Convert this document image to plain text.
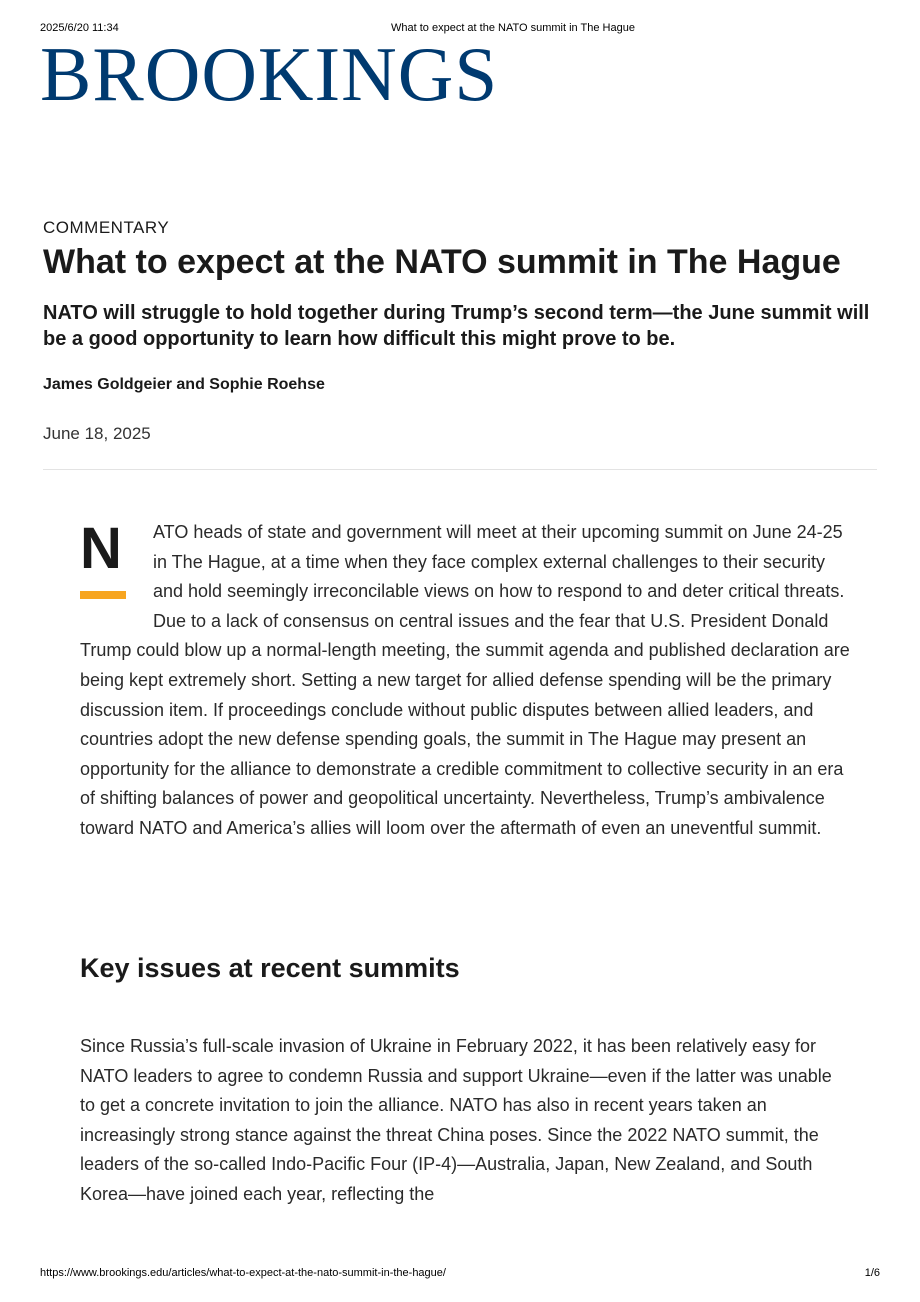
2025/6/20 11:34	What to expect at the NATO summit in The Hague
BROOKINGS
COMMENTARY
What to expect at the NATO summit in The Hague

NATO will struggle to hold together during Trump’s second term—the June summit will be a good opportunity to learn how difficult this might prove to be.

James Goldgeier and Sophie Roehse
June 18, 2025
N	ATO heads of state and government will meet at their upcoming summit on June 24-25 in The Hague, at a time when they face complex external challenges to their security and hold seemingly irreconcilable views on how to respond to and deter critical threats. Due to a lack of consensus on central issues and the fear that U.S. President Donald Trump could blow up a normal-length meeting, the summit agenda and published declaration are being kept extremely short. Setting a new target for allied defense spending will be the primary discussion item. If proceedings conclude without public disputes between allied leaders, and countries adopt the new defense spending goals, the summit in The Hague may present an opportunity for the alliance to demonstrate a credible commitment to collective security in an era of shifting balances of power and geopolitical uncertainty. Nevertheless, Trump’s ambivalence toward NATO and America’s allies will loom over the aftermath of even an uneventful summit.

Key issues at recent summits

Since Russia’s full-scale invasion of Ukraine in February 2022, it has been relatively easy for NATO leaders to agree to condemn Russia and support Ukraine—even if the latter was unable to get a concrete invitation to join the alliance. NATO has also in recent years taken an increasingly strong stance against the threat China poses. Since the 2022 NATO summit, the leaders of the so-called Indo-Pacific Four (IP-4)—Australia, Japan, New Zealand, and South Korea—have joined each year, reflecting the

https://www.brookings.edu/articles/what-to-expect-at-the-nato-summit-in-the-hague/	1/6
